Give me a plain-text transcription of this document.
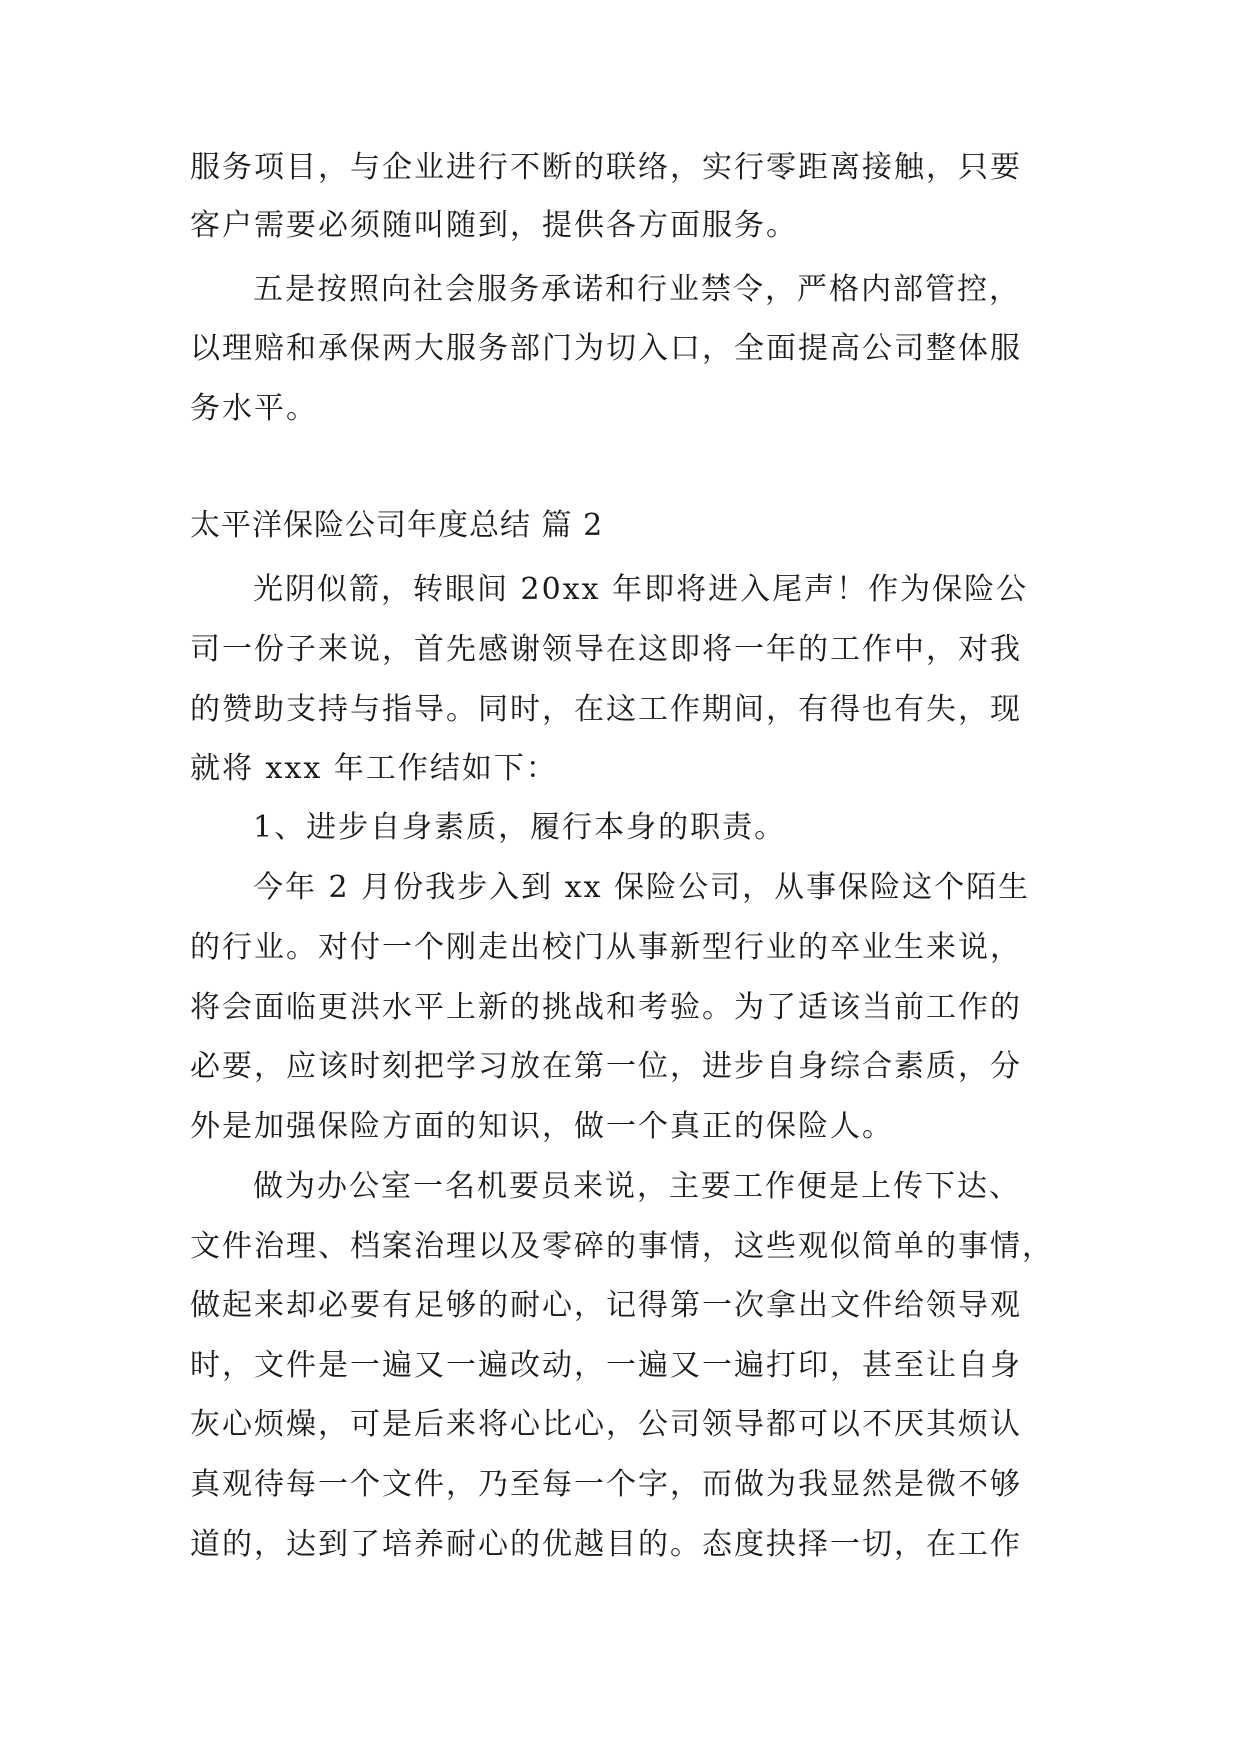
服务项目，与企业进行不断的联络，实行零距离接触，只要
客户需要必须随叫随到，提供各方面服务。
五是按照向社会服务承诺和行业禁令，严格内部管控，
以理赔和承保两大服务部门为切入口，全面提高公司整体服
务水平。
太平洋保险公司年度总结 篇 2
光阴似箭，转眼间 20xx 年即将进入尾声！作为保险公
司一份子来说，首先感谢领导在这即将一年的工作中，对我
的赞助支持与指导。同时，在这工作期间，有得也有失，现
就将 xxx 年工作结如下：
1、进步自身素质，履行本身的职责。
今年 2 月份我步入到 xx 保险公司，从事保险这个陌生
的行业。对付一个刚走出校门从事新型行业的卒业生来说，
将会面临更洪水平上新的挑战和考验。为了适该当前工作的
必要，应该时刻把学习放在第一位，进步自身综合素质，分
外是加强保险方面的知识，做一个真正的保险人。
做为办公室一名机要员来说，主要工作便是上传下达、
文件治理、档案治理以及零碎的事情，这些观似简单的事情，
做起来却必要有足够的耐心，记得第一次拿出文件给领导观
时，文件是一遍又一遍改动，一遍又一遍打印，甚至让自身
灰心烦燥，可是后来将心比心，公司领导都可以不厌其烦认
真观待每一个文件，乃至每一个字，而做为我显然是微不够
道的，达到了培养耐心的优越目的。态度抉择一切，在工作
